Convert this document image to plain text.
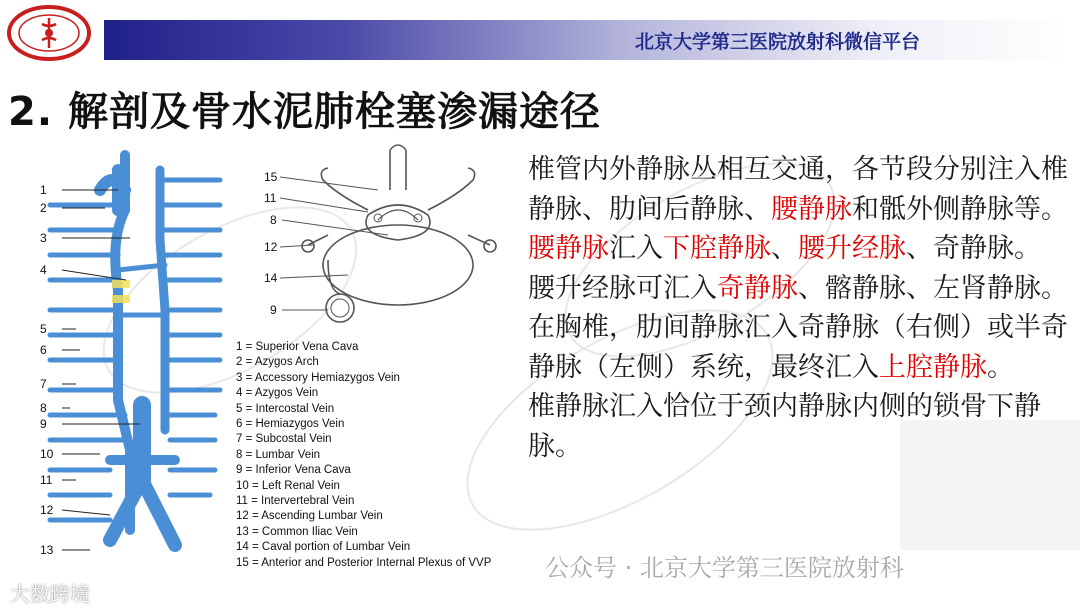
北京大学第三医院放射科微信平台
2. 解剖及骨水泥肺栓塞渗漏途径
1
2
3
4
5
6
7
8
9
10
11
12
13
15
11
8
12
14
9
1 = Superior Vena Cava
2 = Azygos Arch
3 = Accessory Hemiazygos Vein
4 = Azygos Vein
5 = Intercostal Vein
6 = Hemiazygos Vein
7 = Subcostal Vein
8 = Lumbar Vein
9 = Inferior Vena Cava
10 = Left Renal Vein
11 = Intervertebral Vein
12 = Ascending Lumbar Vein
13 = Common Iliac Vein
14 = Caval portion of Lumbar Vein
15 = Anterior and Posterior Internal Plexus of VVP

椎管内外静脉丛相互交通，各节段分别注入椎静脉、肋间后静脉、腰静脉和骶外侧静脉等。

腰静脉汇入下腔静脉、腰升经脉、奇静脉。

腰升经脉可汇入奇静脉、髂静脉、左肾静脉。在胸椎，肋间静脉汇入奇静脉（右侧）或半奇静脉（左侧）系统，最终汇入上腔静脉。

椎静脉汇入恰位于颈内静脉内侧的锁骨下静脉。

公众号 · 北京大学第三医院放射科
大数跨境
